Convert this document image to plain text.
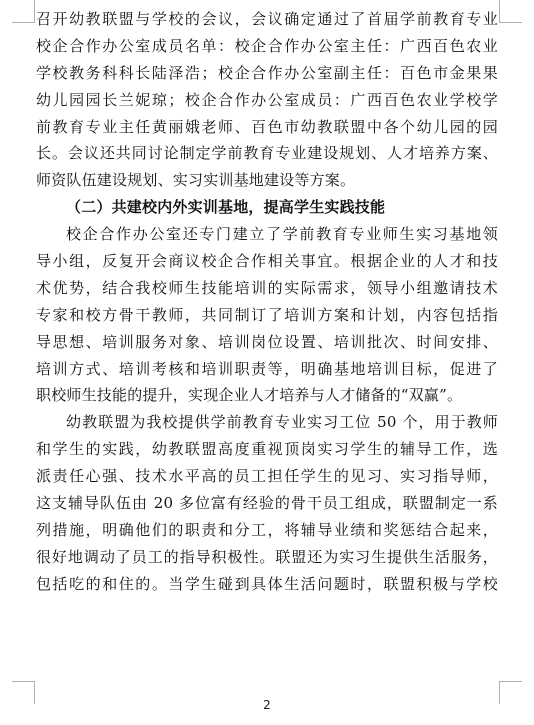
召开幼教联盟与学校的会议，会议确定通过了首届学前教育专业
校企合作办公室成员名单：校企合作办公室主任：广西百色农业
学校教务科科长陆泽浩；校企合作办公室副主任：百色市金果果
幼儿园园长兰妮琼；校企合作办公室成员：广西百色农业学校学
前教育专业主任黄丽娥老师、百色市幼教联盟中各个幼儿园的园
长。会议还共同讨论制定学前教育专业建设规划、人才培养方案、
师资队伍建设规划、实习实训基地建设等方案。
（二）共建校内外实训基地，提高学生实践技能
校企合作办公室还专门建立了学前教育专业师生实习基地领
导小组，反复开会商议校企合作相关事宜。根据企业的人才和技
术优势，结合我校师生技能培训的实际需求，领导小组邀请技术
专家和校方骨干教师，共同制订了培训方案和计划，内容包括指
导思想、培训服务对象、培训岗位设置、培训批次、时间安排、
培训方式、培训考核和培训职责等，明确基地培训目标，促进了
职校师生技能的提升，实现企业人才培养与人才储备的“双赢”。
幼教联盟为我校提供学前教育专业实习工位 50 个，用于教师
和学生的实践，幼教联盟高度重视顶岗实习学生的辅导工作，选
派责任心强、技术水平高的员工担任学生的见习、实习指导师，
这支辅导队伍由 20 多位富有经验的骨干员工组成，联盟制定一系
列措施，明确他们的职责和分工，将辅导业绩和奖惩结合起来，
很好地调动了员工的指导积极性。联盟还为实习生提供生活服务，
包括吃的和住的。当学生碰到具体生活问题时，联盟积极与学校
2
